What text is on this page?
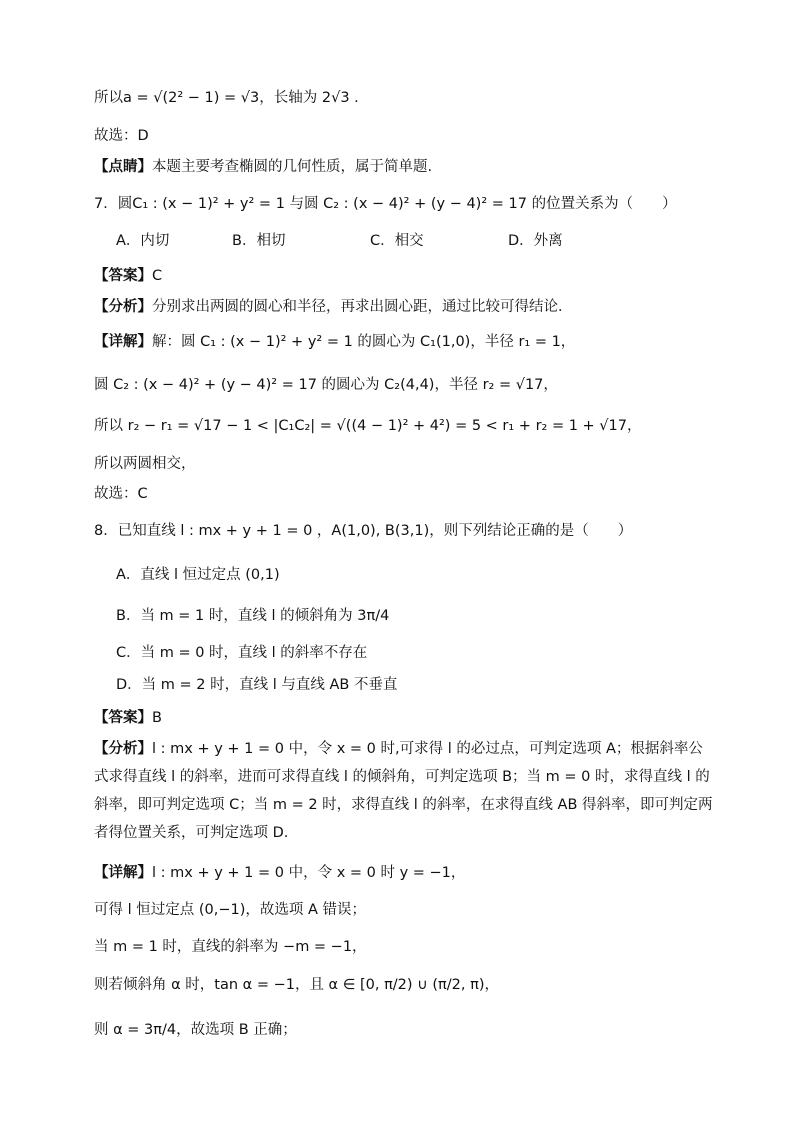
所以a = √(2² − 1) = √3，长轴为 2√3 .
故选：D
【点睛】本题主要考查椭圆的几何性质，属于简单题.
7．圆C₁ : (x − 1)² + y² = 1 与圆 C₂ : (x − 4)² + (y − 4)² = 17 的位置关系为（　　）
A．内切	B．相切	C．相交	D．外离
【答案】C
【分析】分别求出两圆的圆心和半径，再求出圆心距，通过比较可得结论．
【详解】解：圆 C₁ : (x − 1)² + y² = 1 的圆心为 C₁(1,0)，半径 r₁ = 1，
圆 C₂ : (x − 4)² + (y − 4)² = 17 的圆心为 C₂(4,4)，半径 r₂ = √17，
所以 r₂ − r₁ = √17 − 1 < |C₁C₂| = √((4 − 1)² + 4²) = 5 < r₁ + r₂ = 1 + √17，
所以两圆相交，
故选：C
8．已知直线 l : mx + y + 1 = 0 ，A(1,0), B(3,1)，则下列结论正确的是（　　）
A．直线 l 恒过定点 (0,1)
B．当 m = 1 时，直线 l 的倾斜角为 3π/4
C．当 m = 0 时，直线 l 的斜率不存在
D．当 m = 2 时，直线 l 与直线 AB 不垂直
【答案】B
【分析】l : mx + y + 1 = 0 中，令 x = 0 时,可求得 l 的必过点，可判定选项 A；根据斜率公式求得直线 l 的斜率，进而可求得直线 l 的倾斜角，可判定选项 B；当 m = 0 时，求得直线 l 的斜率，即可判定选项 C；当 m = 2 时，求得直线 l 的斜率，在求得直线 AB 得斜率，即可判定两者得位置关系，可判定选项 D.
【详解】l : mx + y + 1 = 0 中，令 x = 0 时 y = −1，
可得 l 恒过定点 (0,−1)，故选项 A 错误；
当 m = 1 时，直线的斜率为 −m = −1，
则若倾斜角 α 时，tan α = −1，且 α ∈ [0, π/2) ∪ (π/2, π)，
则 α = 3π/4，故选项 B 正确；
